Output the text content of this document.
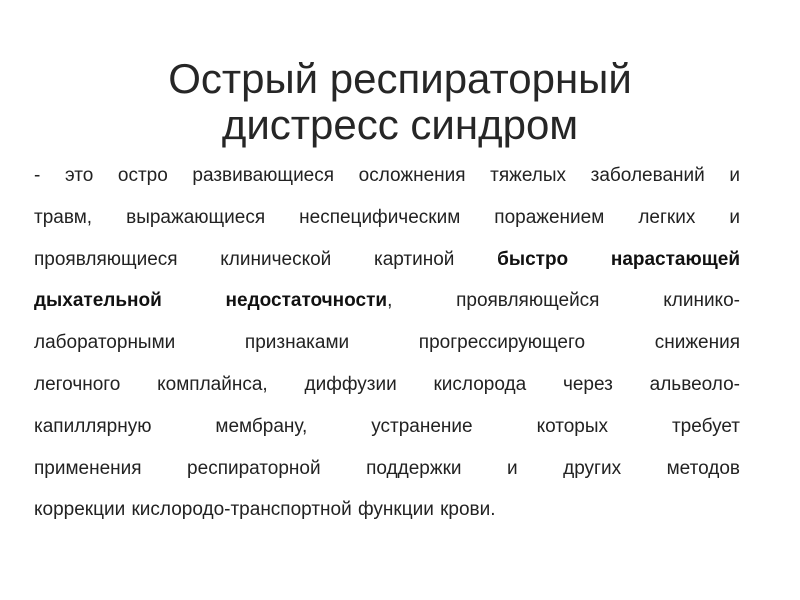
Острый респираторный
дистресс синдром
- это остро развивающиеся осложнения тяжелых заболеваний и
травм, выражающиеся неспецифическим поражением легких и
проявляющиеся клинической картиной быстро нарастающей
дыхательной недостаточности, проявляющейся клинико-
лабораторными признаками прогрессирующего снижения
легочного комплайнса, диффузии кислорода через альвеоло-
капиллярную мембрану, устранение которых требует
применения респираторной поддержки и других методов
коррекции кислородо-транспортной функции крови.
